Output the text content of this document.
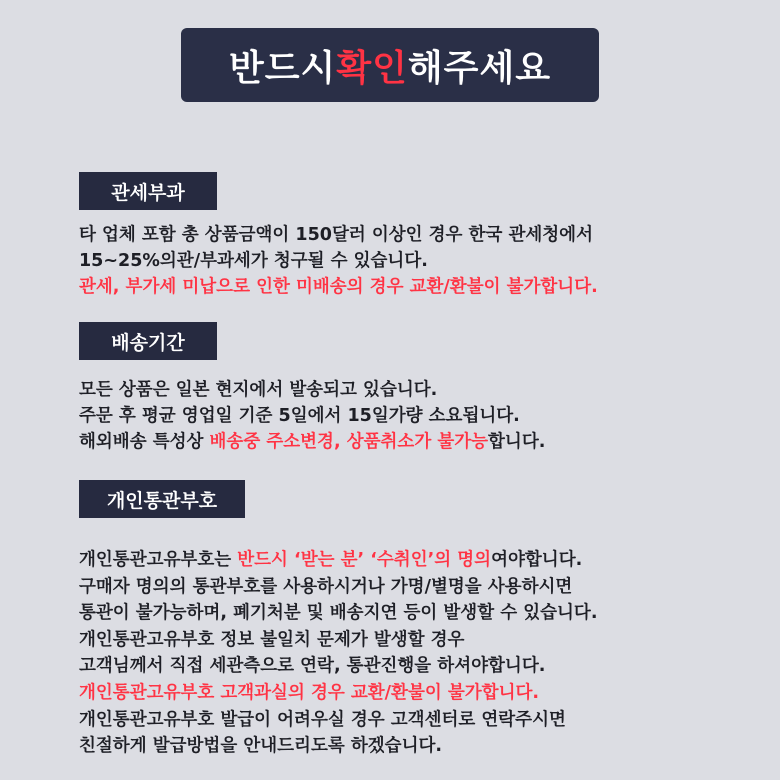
반드시 확인 해주세요
관세부과
타 업체 포함 총 상품금액이 150달러 이상인 경우 한국 관세청에서
15~25%의관/부과세가 청구될 수 있습니다.
관세, 부가세 미납으로 인한 미배송의 경우 교환/환불이 불가합니다.
배송기간
모든 상품은 일본 현지에서 발송되고 있습니다.
주문 후 평균 영업일 기준 5일에서 15일가량 소요됩니다.
해외배송 특성상 배송중 주소변경, 상품취소가 불가능합니다.
개인통관부호
개인통관고유부호는 반드시 ‘받는 분’ ‘수취인’의 명의여야합니다.
구매자 명의의 통관부호를 사용하시거나 가명/별명을 사용하시면
통관이 불가능하며, 폐기처분 및 배송지연 등이 발생할 수 있습니다.
개인통관고유부호 정보 불일치 문제가 발생할 경우
고객님께서 직접 세관측으로 연락, 통관진행을 하셔야합니다.
개인통관고유부호 고객과실의 경우 교환/환불이 불가합니다.
개인통관고유부호 발급이 어려우실 경우 고객센터로 연락주시면
친절하게 발급방법을 안내드리도록 하겠습니다.
